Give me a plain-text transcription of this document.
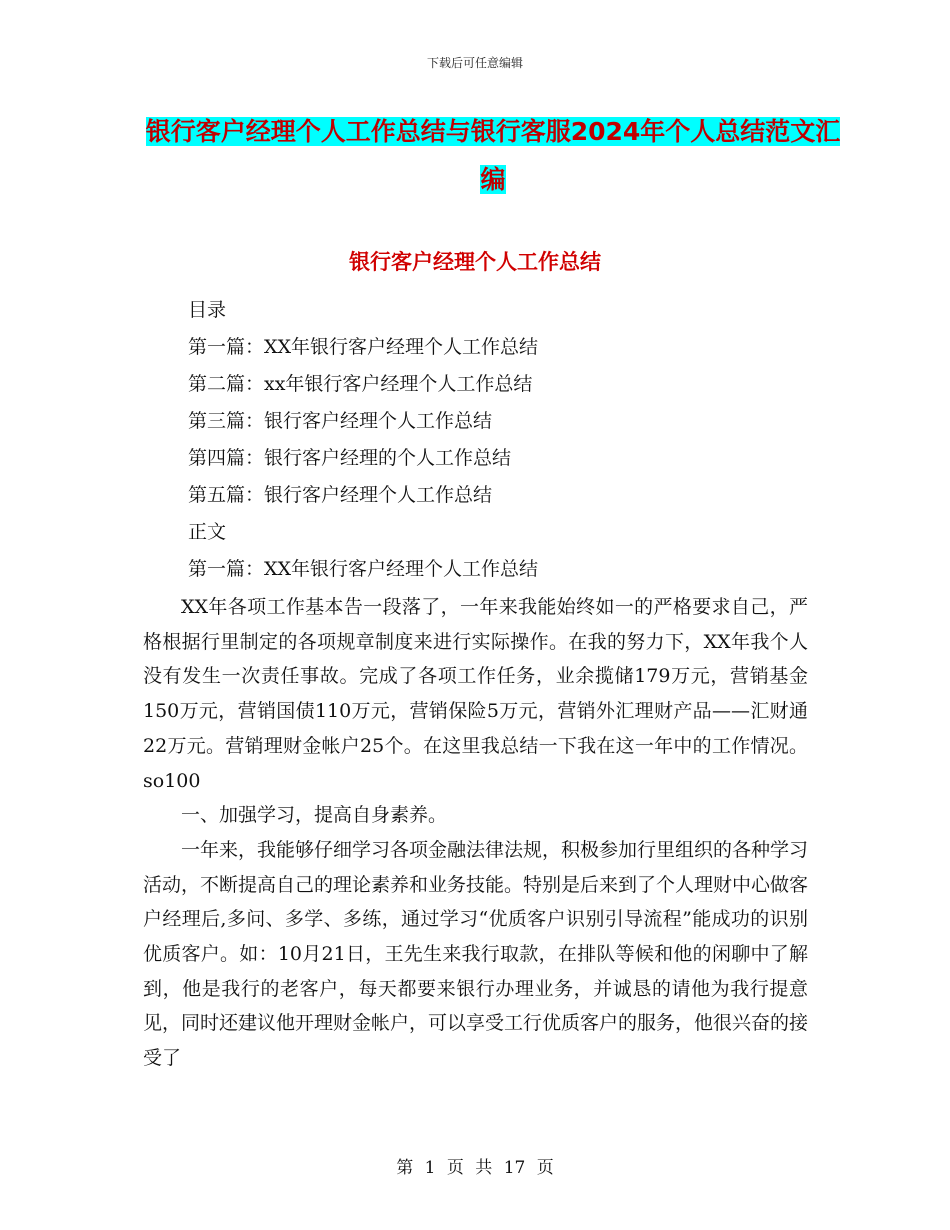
下载后可任意编辑
银行客户经理个人工作总结与银行客服2024年个人总结范文汇编
银行客户经理个人工作总结
目录
第一篇：XX年银行客户经理个人工作总结
第二篇：xx年银行客户经理个人工作总结
第三篇：银行客户经理个人工作总结
第四篇：银行客户经理的个人工作总结
第五篇：银行客户经理个人工作总结
正文
第一篇：XX年银行客户经理个人工作总结

XX年各项工作基本告一段落了，一年来我能始终如一的严格要求自己，严格根据行里制定的各项规章制度来进行实际操作。在我的努力下，XX年我个人没有发生一次责任事故。完成了各项工作任务，业余揽储179万元，营销基金150万元，营销国债110万元，营销保险5万元，营销外汇理财产品——汇财通22万元。营销理财金帐户25个。在这里我总结一下我在这一年中的工作情况。so100

一、加强学习，提高自身素养。

一年来，我能够仔细学习各项金融法律法规，积极参加行里组织的各种学习活动，不断提高自己的理论素养和业务技能。特别是后来到了个人理财中心做客户经理后,多问、多学、多练，通过学习“优质客户识别引导流程”能成功的识别优质客户。如：10月21日，王先生来我行取款，在排队等候和他的闲聊中了解到，他是我行的老客户，每天都要来银行办理业务，并诚恳的请他为我行提意见，同时还建议他开理财金帐户，可以享受工行优质客户的服务，他很兴奋的接受了

第 1 页 共 17 页
